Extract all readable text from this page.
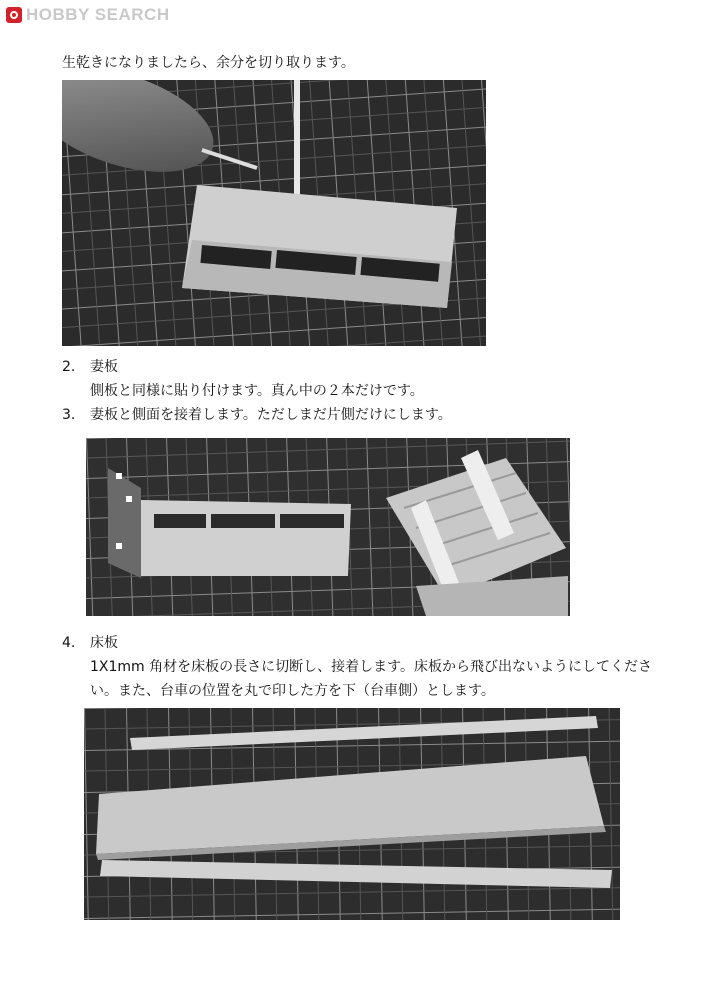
HOBBY SEARCH
生乾きになりましたら、余分を切り取ります。
2. 妻板
側板と同様に貼り付けます。真ん中の２本だけです。
3. 妻板と側面を接着します。ただしまだ片側だけにします。
4. 床板
1X1mm 角材を床板の長さに切断し、接着します。床板から飛び出ないようにしてくださ
い。また、台車の位置を丸で印した方を下（台車側）とします。
